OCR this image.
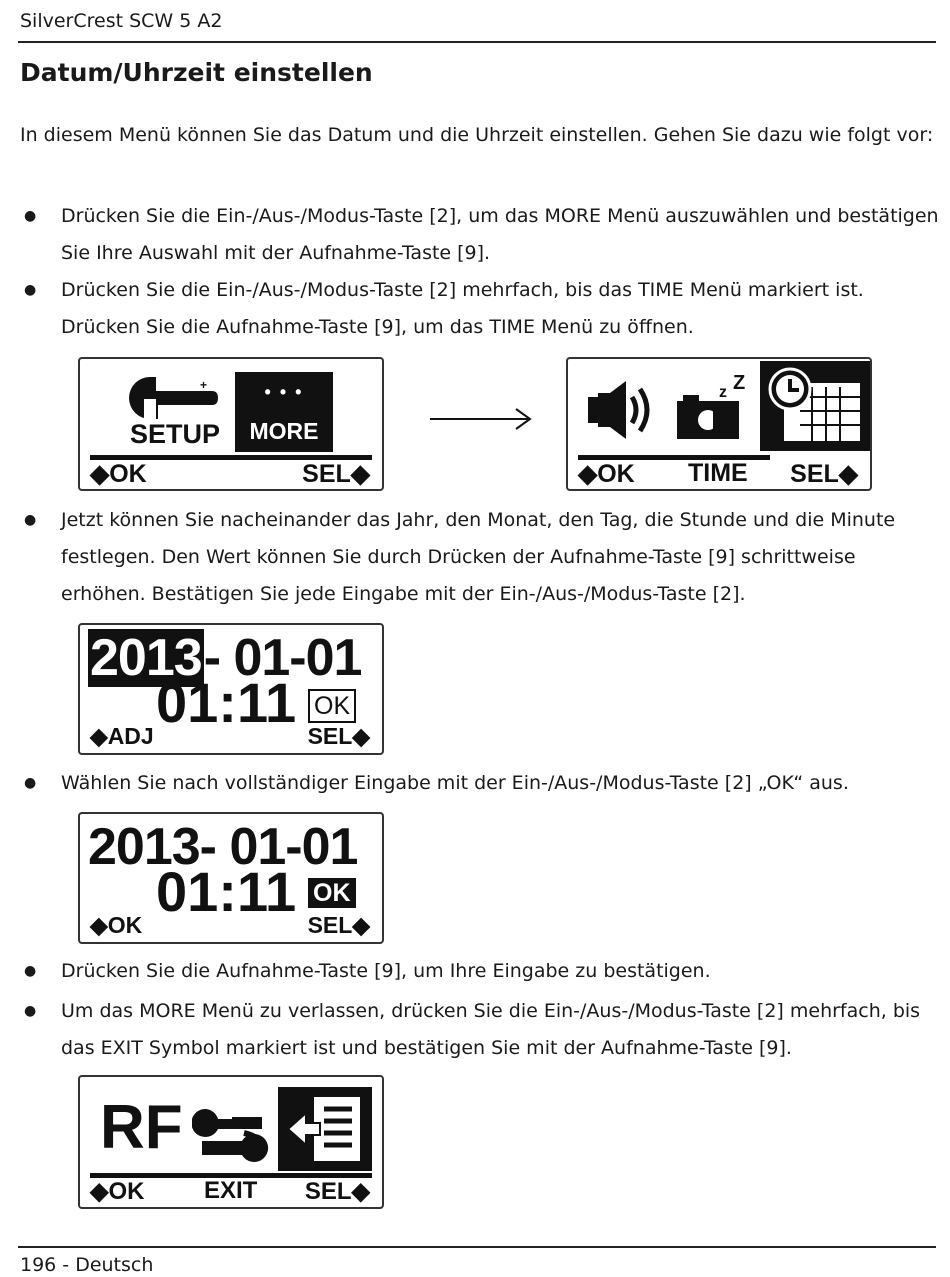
SilverCrest SCW 5 A2
Datum/Uhrzeit einstellen
In diesem Menü können Sie das Datum und die Uhrzeit einstellen. Gehen Sie dazu wie folgt vor:
● Drücken Sie die Ein-/Aus-/Modus-Taste [2], um das MORE Menü auszuwählen und bestätigen Sie Ihre Auswahl mit der Aufnahme-Taste [9].
● Drücken Sie die Ein-/Aus-/Modus-Taste [2] mehrfach, bis das TIME Menü markiert ist. Drücken Sie die Aufnahme-Taste [9], um das TIME Menü zu öffnen.
+
SETUP
• • •
MORE
◆OK	SEL◆
z Z
◆OK TIME SEL◆
● Jetzt können Sie nacheinander das Jahr, den Monat, den Tag, die Stunde und die Minute festlegen. Den Wert können Sie durch Drücken der Aufnahme-Taste [9] schrittweise erhöhen. Bestätigen Sie jede Eingabe mit der Ein-/Aus-/Modus-Taste [2].
2013- 01-01
01:11 OK
◆ADJ	SEL◆
● Wählen Sie nach vollständiger Eingabe mit der Ein-/Aus-/Modus-Taste [2] „OK“ aus.
2013- 01-01
01:11 OK
◆OK	SEL◆
● Drücken Sie die Aufnahme-Taste [9], um Ihre Eingabe zu bestätigen.
● Um das MORE Menü zu verlassen, drücken Sie die Ein-/Aus-/Modus-Taste [2] mehrfach, bis das EXIT Symbol markiert ist und bestätigen Sie mit der Aufnahme-Taste [9].
RF
◆OK EXIT SEL◆
196 - Deutsch
